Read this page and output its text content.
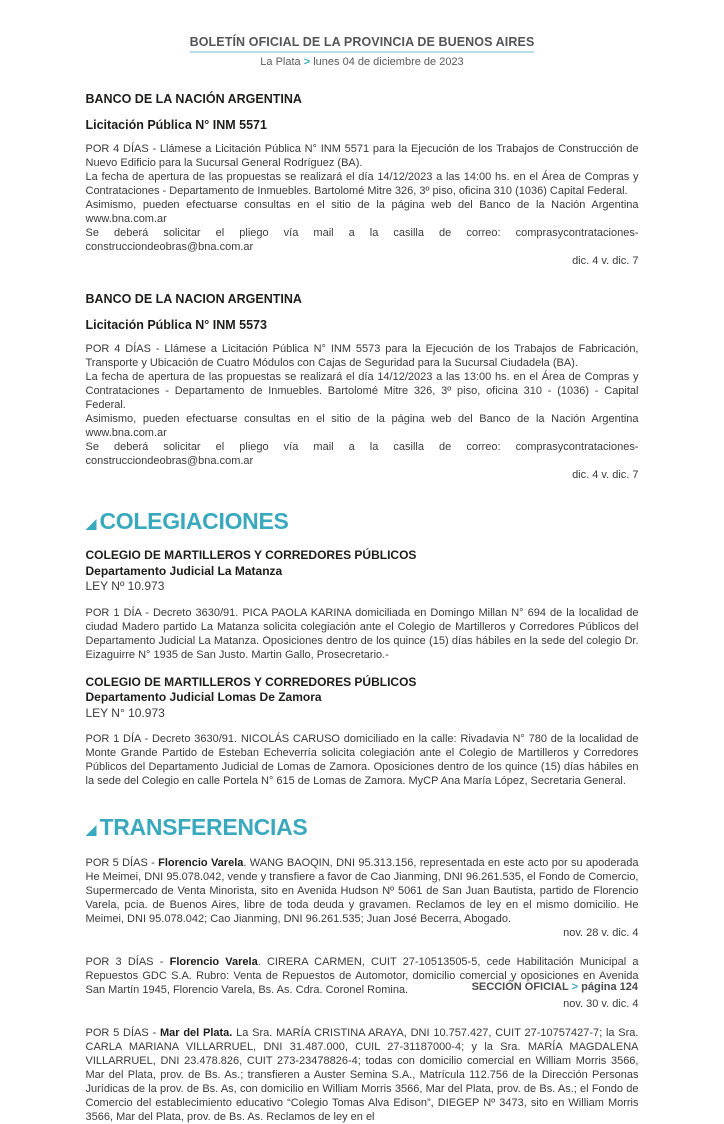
BOLETÍN OFICIAL DE LA PROVINCIA DE BUENOS AIRES
La Plata > lunes 04 de diciembre de 2023
BANCO DE LA NACIÓN ARGENTINA
Licitación Pública N° INM 5571

POR 4 DÍAS - Llámese a Licitación Pública N° INM 5571 para la Ejecución de los Trabajos de Construcción de Nuevo Edificio para la Sucursal General Rodríguez (BA).

La fecha de apertura de las propuestas se realizará el día 14/12/2023 a las 14:00 hs. en el Área de Compras y Contrataciones - Departamento de Inmuebles. Bartolomé Mitre 326, 3º piso, oficina 310 (1036) Capital Federal.

Asimismo, pueden efectuarse consultas en el sitio de la página web del Banco de la Nación Argentina www.bna.com.ar

Se deberá solicitar el pliego vía mail a la casilla de correo: comprasycontrataciones-construcciondeobras@bna.com.ar

dic. 4 v. dic. 7
BANCO DE LA NACION ARGENTINA
Licitación Pública N° INM 5573

POR 4 DÍAS - Llámese a Licitación Pública N° INM 5573 para la Ejecución de los Trabajos de Fabricación, Transporte y Ubicación de Cuatro Módulos con Cajas de Seguridad para la Sucursal Ciudadela (BA).

La fecha de apertura de las propuestas se realizará el día 14/12/2023 a las 13:00 hs. en el Área de Compras y Contrataciones - Departamento de Inmuebles. Bartolomé Mitre 326, 3º piso, oficina 310 - (1036) - Capital Federal.

Asimismo, pueden efectuarse consultas en el sitio de la página web del Banco de la Nación Argentina www.bna.com.ar

Se deberá solicitar el pliego vía mail a la casilla de correo: comprasycontrataciones-construcciondeobras@bna.com.ar

dic. 4 v. dic. 7
COLEGIACIONES
COLEGIO DE MARTILLEROS Y CORREDORES PÚBLICOS
Departamento Judicial La Matanza
LEY Nº 10.973

POR 1 DÍA - Decreto 3630/91. PICA PAOLA KARINA domiciliada en Domingo Millan N° 694 de la localidad de ciudad Madero partido La Matanza solicita colegiación ante el Colegio de Martilleros y Corredores Públicos del Departamento Judicial La Matanza. Oposiciones dentro de los quince (15) días hábiles en la sede del colegio Dr. Eizaguirre N° 1935 de San Justo. Martin Gallo, Prosecretario.-

COLEGIO DE MARTILLEROS Y CORREDORES PÚBLICOS
Departamento Judicial Lomas De Zamora
LEY N° 10.973

POR 1 DÍA - Decreto 3630/91. NICOLÁS CARUSO domiciliado en la calle: Rivadavia N° 780 de la localidad de Monte Grande Partido de Esteban Echeverría solicita colegiación ante el Colegio de Martilleros y Corredores Públicos del Departamento Judicial de Lomas de Zamora. Oposiciones dentro de los quince (15) días hábiles en la sede del Colegio en calle Portela N° 615 de Lomas de Zamora. MyCP Ana María López, Secretaria General.

TRANSFERENCIAS

POR 5 DÍAS - Florencio Varela. WANG BAOQIN, DNI 95.313.156, representada en este acto por su apoderada He Meimei, DNI 95.078.042, vende y transfiere a favor de Cao Jianming, DNI 96.261.535, el Fondo de Comercio, Supermercado de Venta Minorista, sito en Avenida Hudson Nº 5061 de San Juan Bautista, partido de Florencio Varela, pcia. de Buenos Aires, libre de toda deuda y gravamen. Reclamos de ley en el mismo domicilio. He Meimei, DNI 95.078.042; Cao Jianming, DNI 96.261.535; Juan José Becerra, Abogado.

nov. 28 v. dic. 4

POR 3 DÍAS - Florencio Varela. CIRERA CARMEN, CUIT 27-10513505-5, cede Habilitación Municipal a Repuestos GDC S.A. Rubro: Venta de Repuestos de Automotor, domicilio comercial y oposiciones en Avenida San Martín 1945, Florencio Varela, Bs. As. Cdra. Coronel Romina.

nov. 30 v. dic. 4

POR 5 DÍAS - Mar del Plata. La Sra. MARÍA CRISTINA ARAYA, DNI 10.757.427, CUIT 27-10757427-7; la Sra. CARLA MARIANA VILLARRUEL, DNI 31.487.000, CUIL 27-31187000-4; y la Sra. MARÍA MAGDALENA VILLARRUEL, DNI 23.478.826, CUIT 273-23478826-4; todas con domicilio comercial en William Morris 3566, Mar del Plata, prov. de Bs. As.; transfieren a Auster Semina S.A., Matrícula 112.756 de la Dirección Personas Jurídicas de la prov. de Bs. As, con domicilio en William Morris 3566, Mar del Plata, prov. de Bs. As.; el Fondo de Comercio del establecimiento educativo “Colegio Tomas Alva Edison”, DIEGEP Nº 3473, sito en William Morris 3566, Mar del Plata, prov. de Bs. As. Reclamos de ley en el

SECCIÓN OFICIAL > página 124
